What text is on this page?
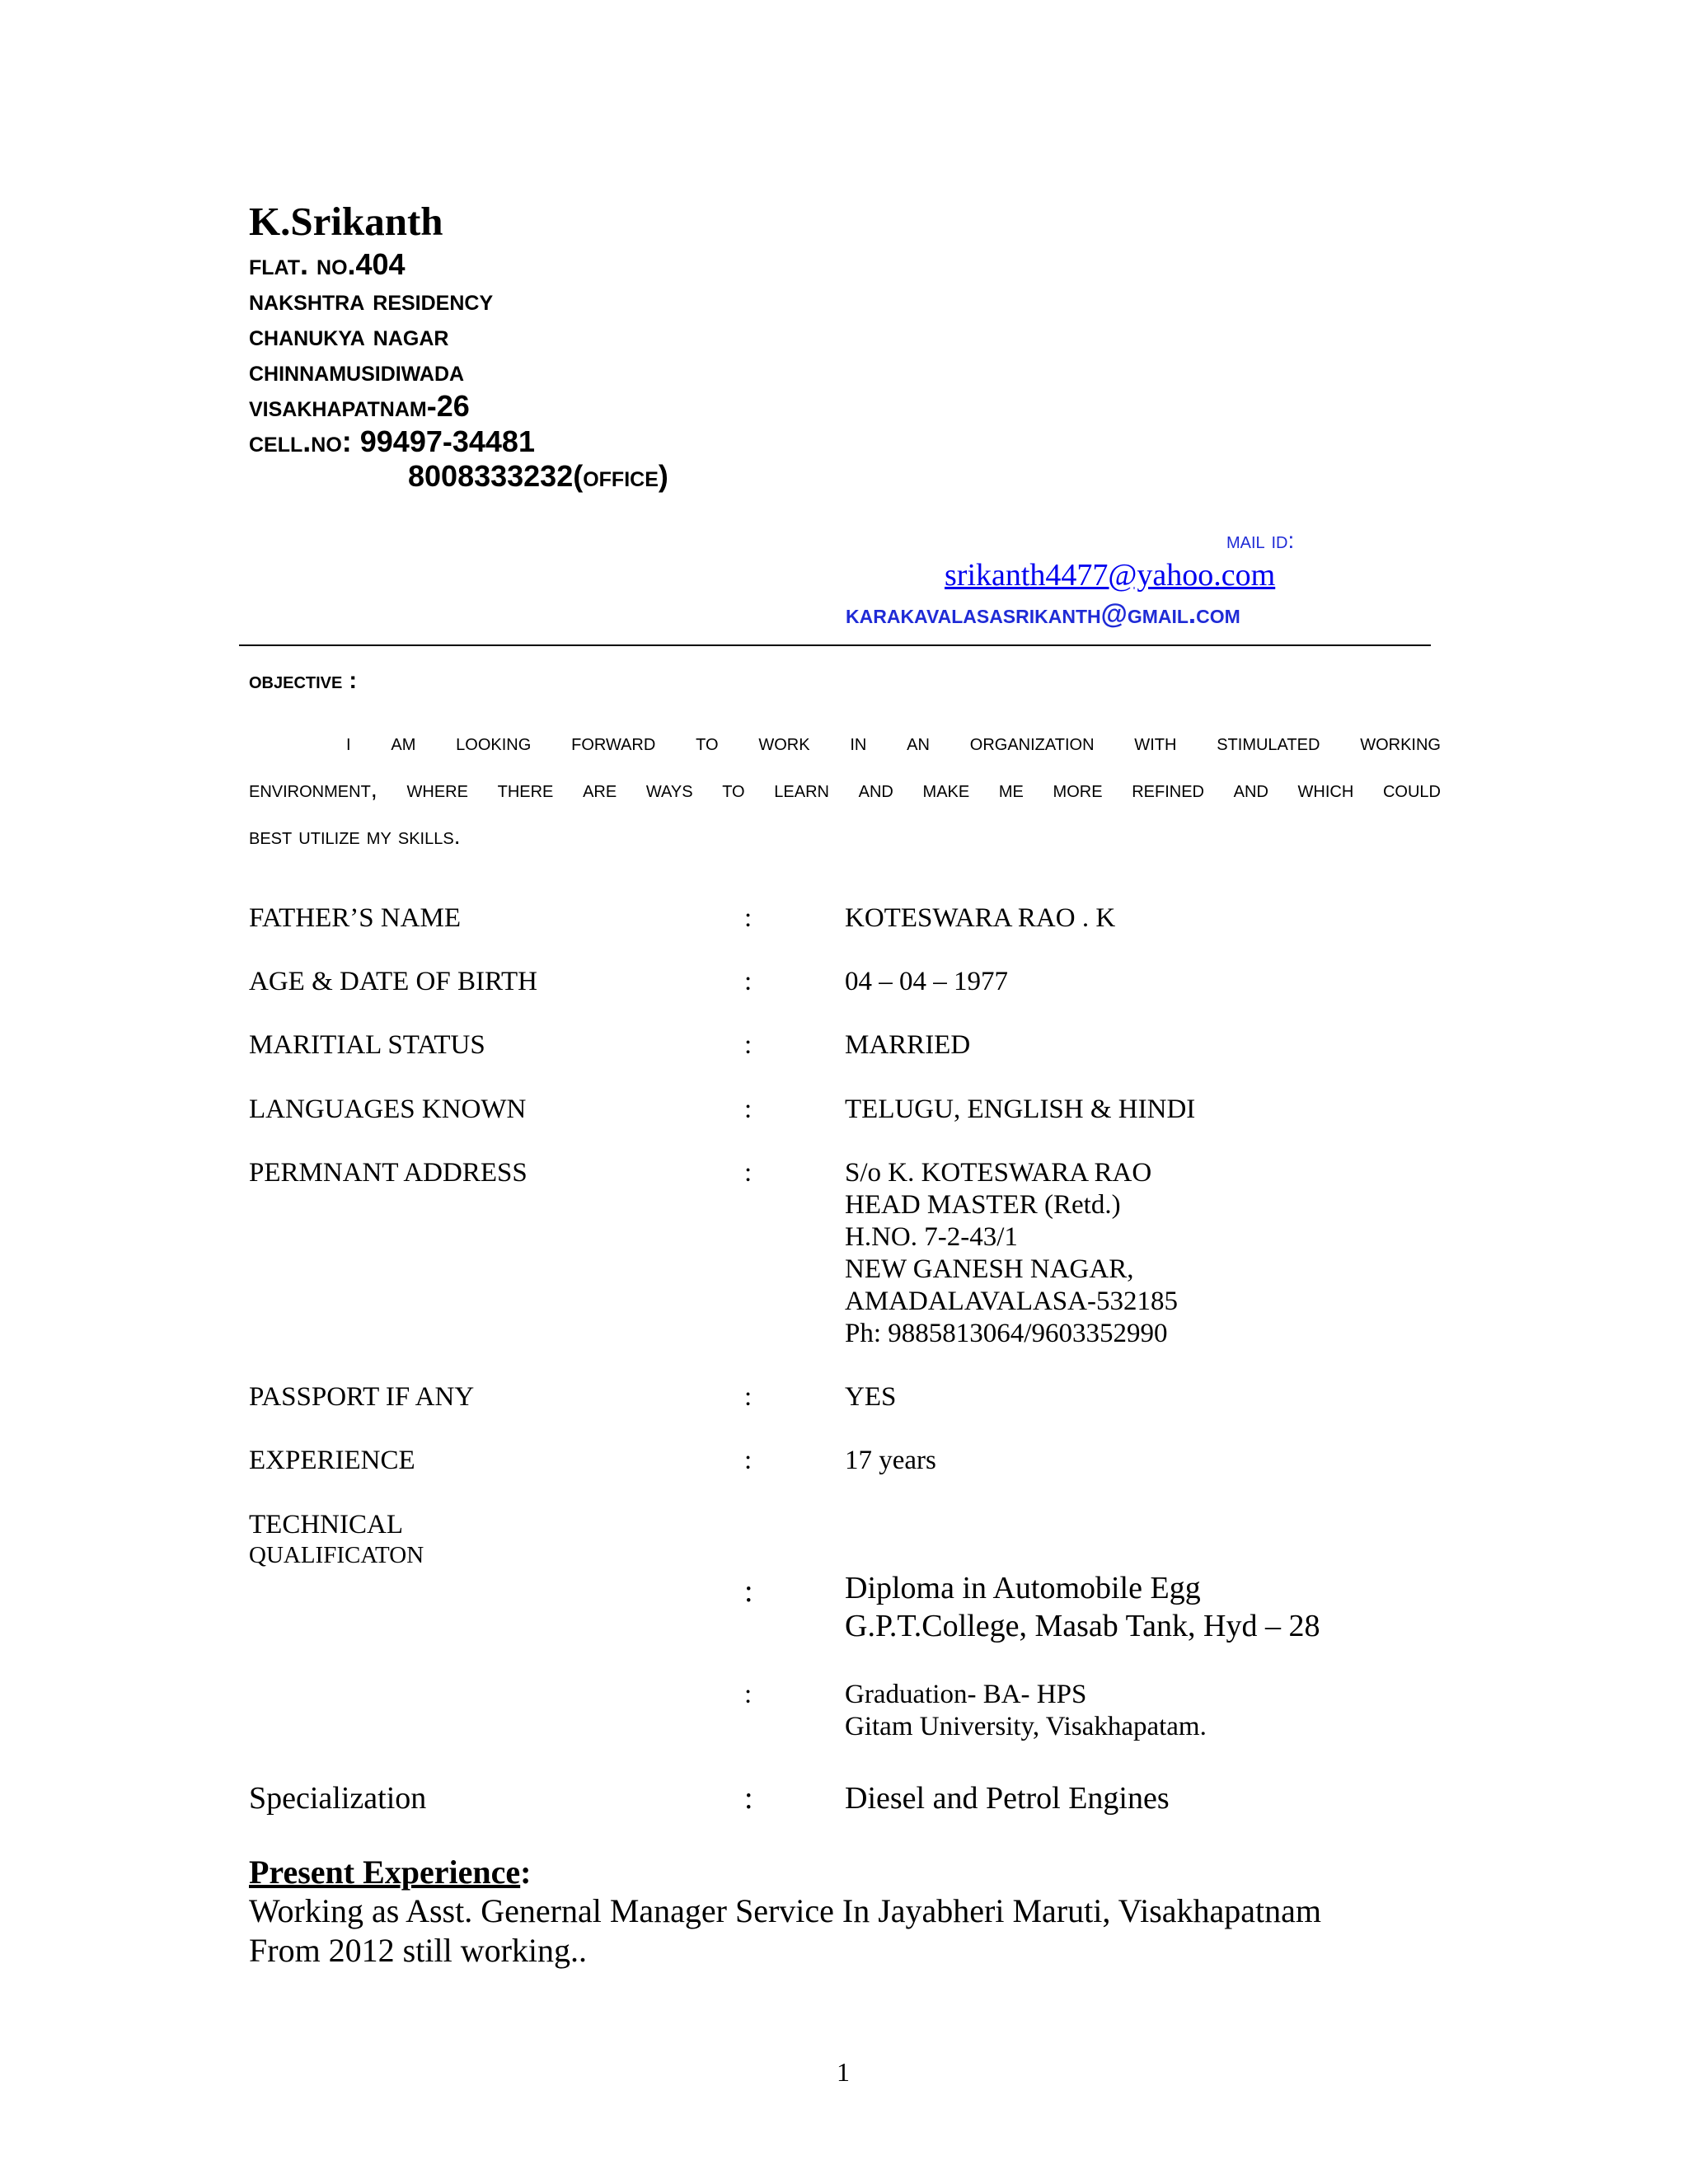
K.Srikanth
flat. no.404
nakshtra residency
chanukya nagar
chinnamusidiwada
visakhapatnam-26
cell.no: 99497-34481
8008333232(office)
mail id:
srikanth4477@yahoo.com
karakavalasasrikanth@gmail.com
objective :
i am looking forward to work in an organization with stimulated working
environment, where there are ways to learn and make me more refined and which could
best utilize my skills.
FATHER’S NAME	:	KOTESWARA RAO . K
AGE & DATE OF BIRTH	:	04 – 04 – 1977
MARITIAL STATUS	:	MARRIED
LANGUAGES KNOWN	:	TELUGU, ENGLISH & HINDI
PERMNANT ADDRESS	:	S/o K. KOTESWARA RAO
HEAD MASTER (Retd.)
H.NO. 7-2-43/1
NEW GANESH NAGAR,
AMADALAVALASA-532185
Ph: 9885813064/9603352990
PASSPORT IF ANY	:	YES
EXPERIENCE	:	17 years
TECHNICAL
QUALIFICATON
:	Diploma in Automobile Egg
G.P.T.College, Masab Tank, Hyd – 28
:	Graduation- BA- HPS
Gitam University, Visakhapatam.
Specialization	:	Diesel and Petrol Engines
Present Experience:
Working as Asst. Genernal Manager Service In Jayabheri Maruti, Visakhapatnam
From 2012 still working..
1
